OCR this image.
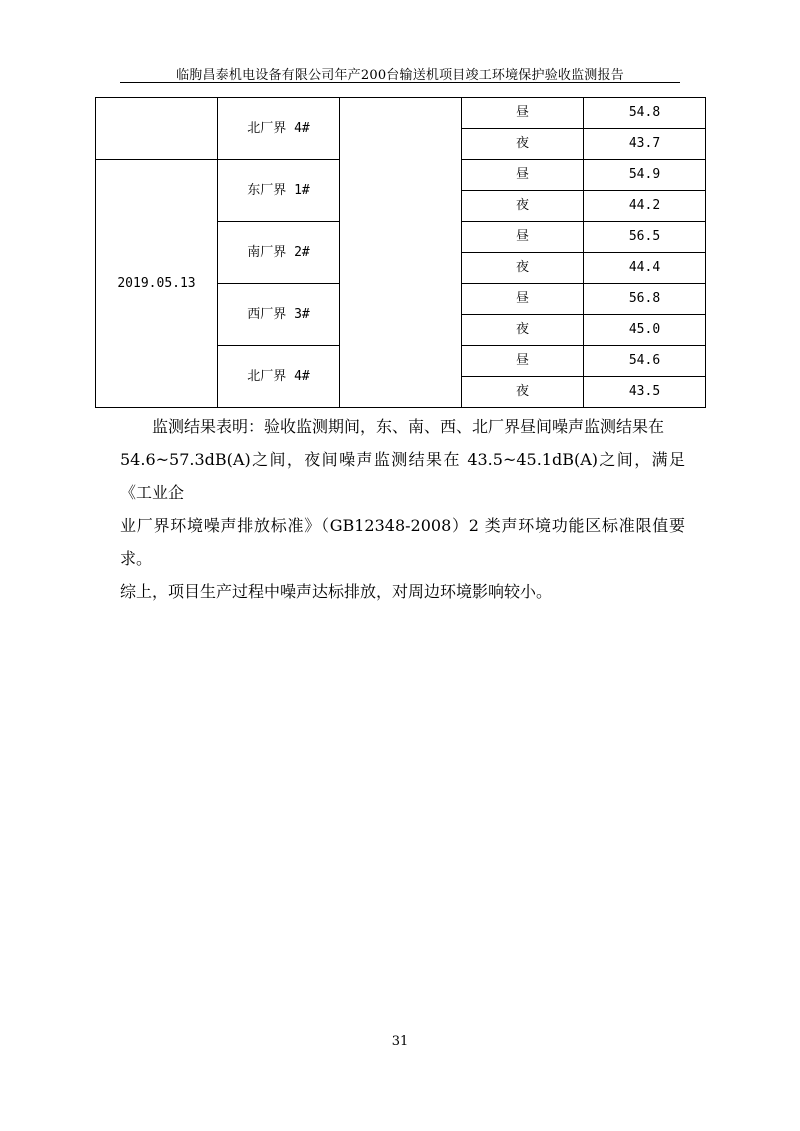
临朐昌泰机电设备有限公司年产200台输送机项目竣工环境保护验收监测报告
	北厂界 4#		昼	54.8
			夜	43.7
2019.05.13	东厂界 1#		昼	54.9
			夜	44.2
	南厂界 2#		昼	56.5
			夜	44.4
	西厂界 3#		昼	56.8
			夜	45.0
	北厂界 4#		昼	54.6
			夜	43.5

监测结果表明：验收监测期间，东、南、西、北厂界昼间噪声监测结果在

54.6~57.3dB(A)之间，夜间噪声监测结果在 43.5~45.1dB(A)之间，满足《工业企

业厂界环境噪声排放标准》（GB12348-2008）2 类声环境功能区标准限值要求。

综上，项目生产过程中噪声达标排放，对周边环境影响较小。

31
